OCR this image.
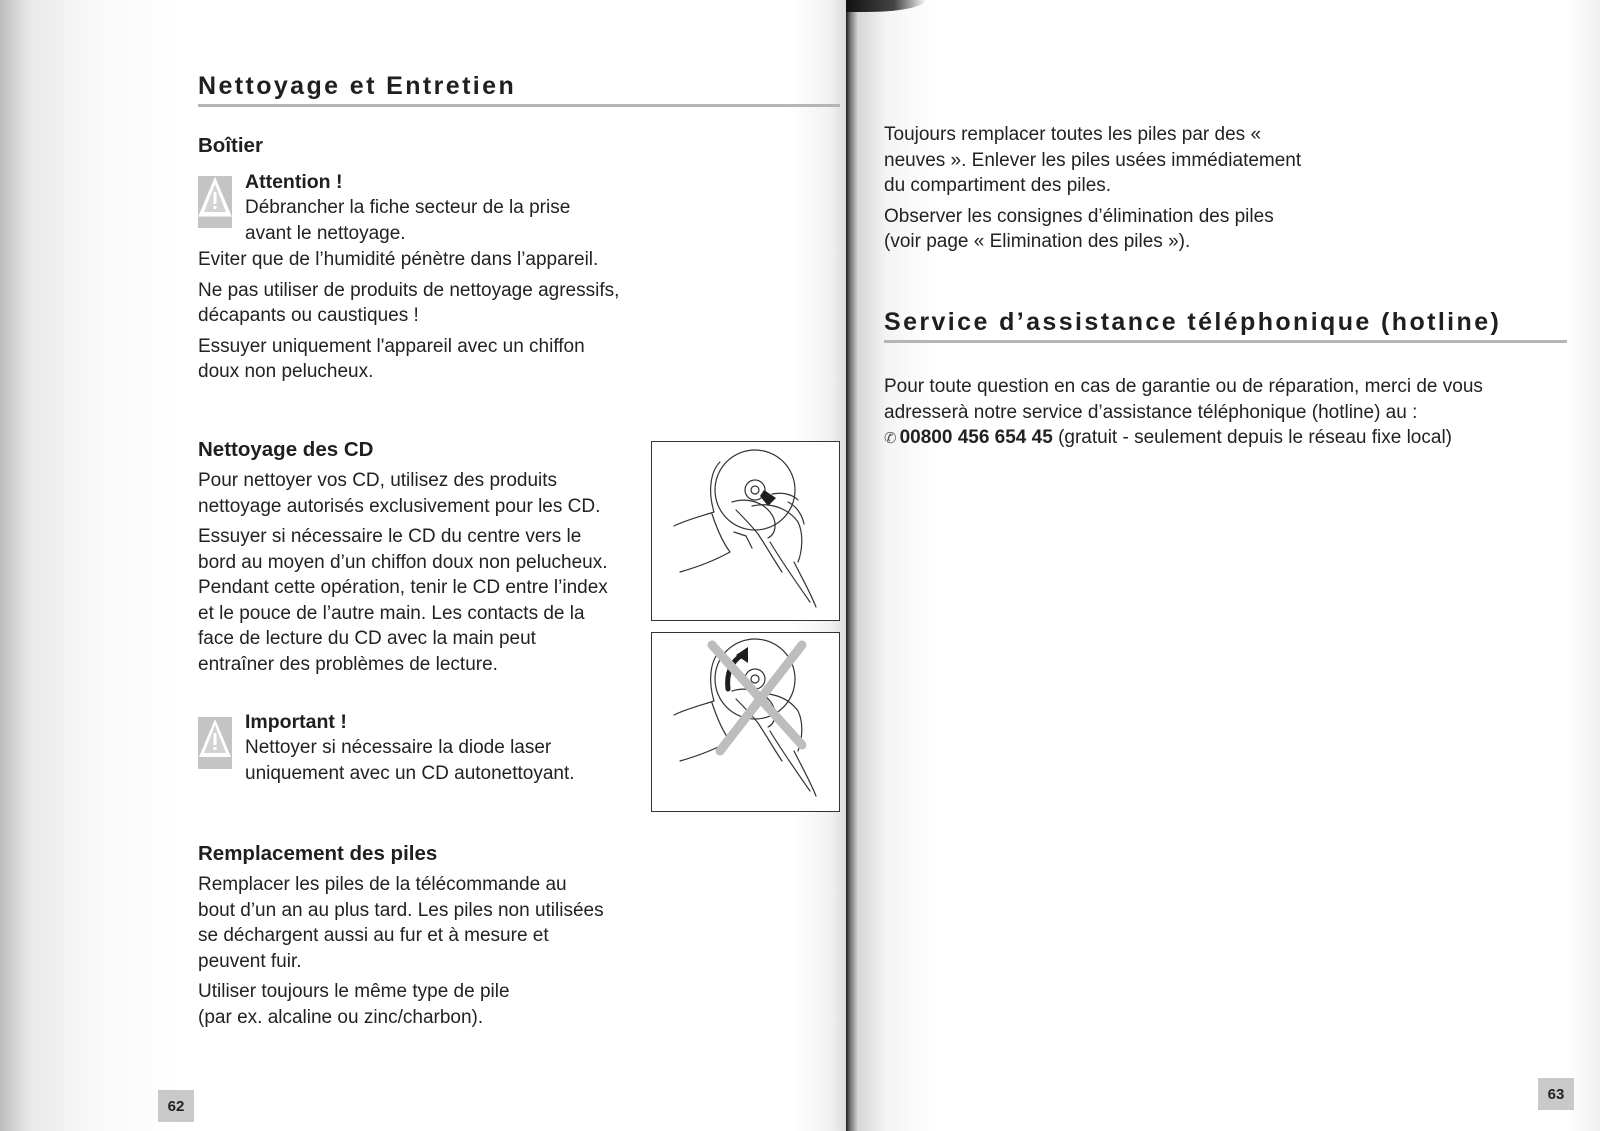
Nettoyage et Entretien
Boîtier

Attention !

Débrancher la fiche secteur de la prise avant le nettoyage.

Eviter que de l’humidité pénètre dans l’appareil.

Ne pas utiliser de produits de nettoyage agressifs, décapants ou caustiques !

Essuyer uniquement l'appareil avec un chiffon doux non pelucheux.

Nettoyage des CD

Pour nettoyer vos CD, utilisez des produits nettoyage autorisés exclusivement pour les CD.

Essuyer si nécessaire le CD du centre vers le bord au moyen d’un chiffon doux non pelucheux. Pendant cette opération, tenir le CD entre l’index et le pouce de l’autre main. Les contacts de la face de lecture du CD avec la main peut entraîner des problèmes de lecture.

Important !

Nettoyer si nécessaire la diode laser uniquement avec un CD autonettoyant.

Remplacement des piles

Remplacer les piles de la télécommande au bout d’un an au plus tard. Les piles non utilisées se déchargent aussi au fur et à mesure et peuvent fuir.

Utiliser toujours le même type de pile (par ex. alcaline ou zinc/charbon).

62

Toujours remplacer toutes les piles par des « neuves ». Enlever les piles usées immédiatement du compartiment des piles.

Observer les consignes d’élimination des piles (voir page « Elimination des piles »).

Service d’assistance téléphonique (hotline)

Pour toute question en cas de garantie ou de réparation, merci de vous adresserà notre service d’assistance téléphonique (hotline) au :

✆ 00800 456 654 45 (gratuit - seulement depuis le réseau fixe local)

63
